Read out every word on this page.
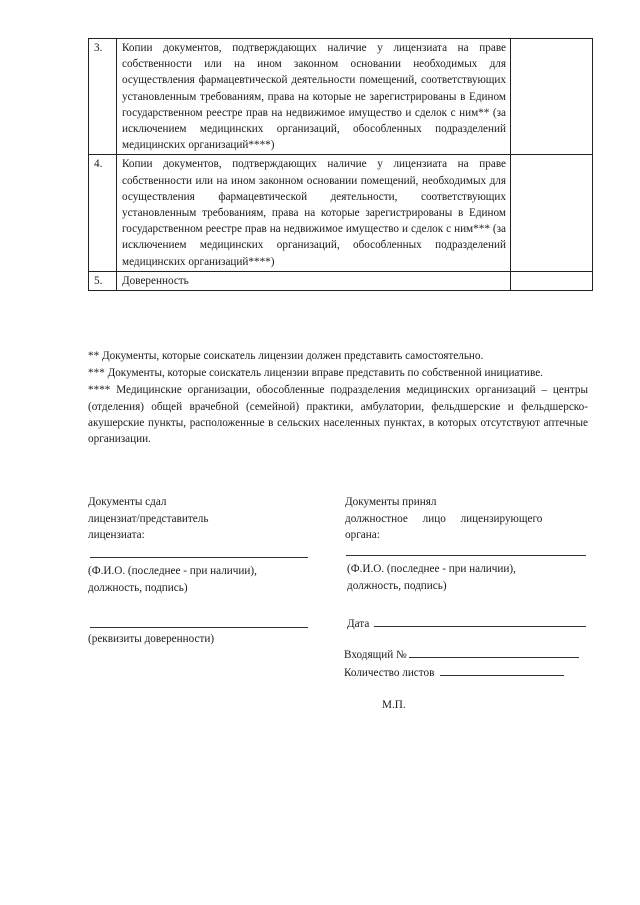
3.	Копии документов, подтверждающих наличие у лицензиата на праве собственности или на ином законном основании необходимых для осуществления фармацевтической деятельности помещений, соответствующих установленным требованиям, права на которые не зарегистрированы в Едином государственном реестре прав на недвижимое имущество и сделок с ним** (за исключением медицинских организаций, обособленных подразделений медицинских организаций****)	
4.	Копии документов, подтверждающих наличие у лицензиата на праве собственности или на ином законном основании помещений, необходимых для осуществления фармацевтической деятельности, соответствующих установленным требованиям, права на которые зарегистрированы в Едином государственном реестре прав на недвижимое имущество и сделок с ним*** (за исключением медицинских организаций, обособленных подразделений медицинских организаций****)	
5.	Доверенность	

** Документы, которые соискатель лицензии должен представить самостоятельно.

*** Документы, которые соискатель лицензии вправе представить по собственной инициативе.

**** Медицинские организации, обособленные подразделения медицинских организаций – центры (отделения) общей врачебной (семейной) практики, амбулатории, фельдшерские и фельдшерско-акушерские пункты, расположенные в сельских населенных пунктах, в которых отсутствуют аптечные организации.

Документы сдал
лицензиат/представитель
лицензиата:
(Ф.И.О. (последнее - при наличии),
должность, подпись)
(реквизиты доверенности)
Документы принял
должностное лицо лицензирующего
органа:
(Ф.И.О. (последнее - при наличии),
должность, подпись)
Дата
Входящий №
Количество листов
М.П.
